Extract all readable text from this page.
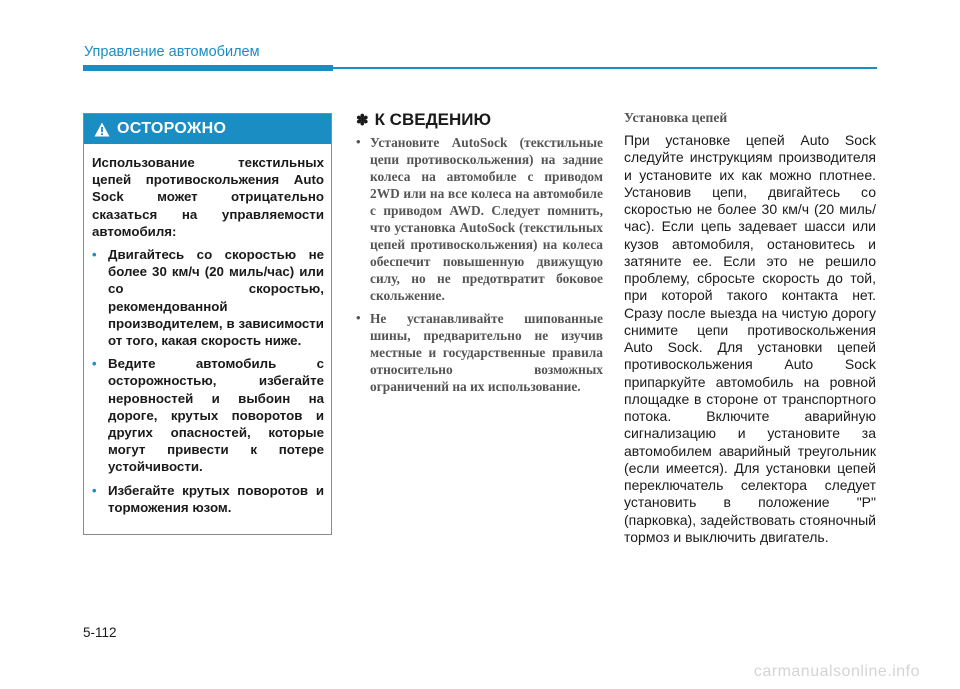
Управление автомобилем
ОСТОРОЖНО

Использование текстильных цепей противоскольжения Auto Sock может отрицательно сказаться на управляемости автомобиля:

• Двигайтесь со скоростью не более 30 км/ч (20 миль/час) или со скоростью, рекомендованной производителем, в зависимости от того, какая скорость ниже.
• Ведите автомобиль с осторожностью, избегайте неровностей и выбоин на дороге, крутых поворотов и других опасностей, которые могут привести к потере устойчивости.
• Избегайте крутых поворотов и торможения юзом.
✽ К СВЕДЕНИЮ
• Установите AutoSock (текстильные цепи противоскольжения) на задние колеса на автомобиле с приводом 2WD или на все колеса на автомобиле с приводом AWD. Следует помнить, что установка AutoSock (текстильных цепей противоскольжения) на колеса обеспечит повышенную движущую силу, но не предотвратит боковое скольжение.
• Не устанавливайте шипованные шины, предварительно не изучив местные и государственные правила относительно возможных ограничений на их использование.
Установка цепей

При установке цепей Auto Sock следуйте инструкциям производителя и установите их как можно плотнее. Установив цепи, двигайтесь со скоростью не более 30 км/ч (20 миль/час). Если цепь задевает шасси или кузов автомобиля, остановитесь и затяните ее. Если это не решило проблему, сбросьте скорость до той, при которой такого контакта нет. Сразу после выезда на чистую дорогу снимите цепи противоскольжения Auto Sock. Для установки цепей противоскольжения Auto Sock припаркуйте автомобиль на ровной площадке в стороне от транспортного потока. Включите аварийную сигнализацию и установите за автомобилем аварийный треугольник (если имеется). Для установки цепей переключатель селектора следует установить в положение "P" (парковка), задействовать стояночный тормоз и выключить двигатель.

5-112
carmanualsonline.info
